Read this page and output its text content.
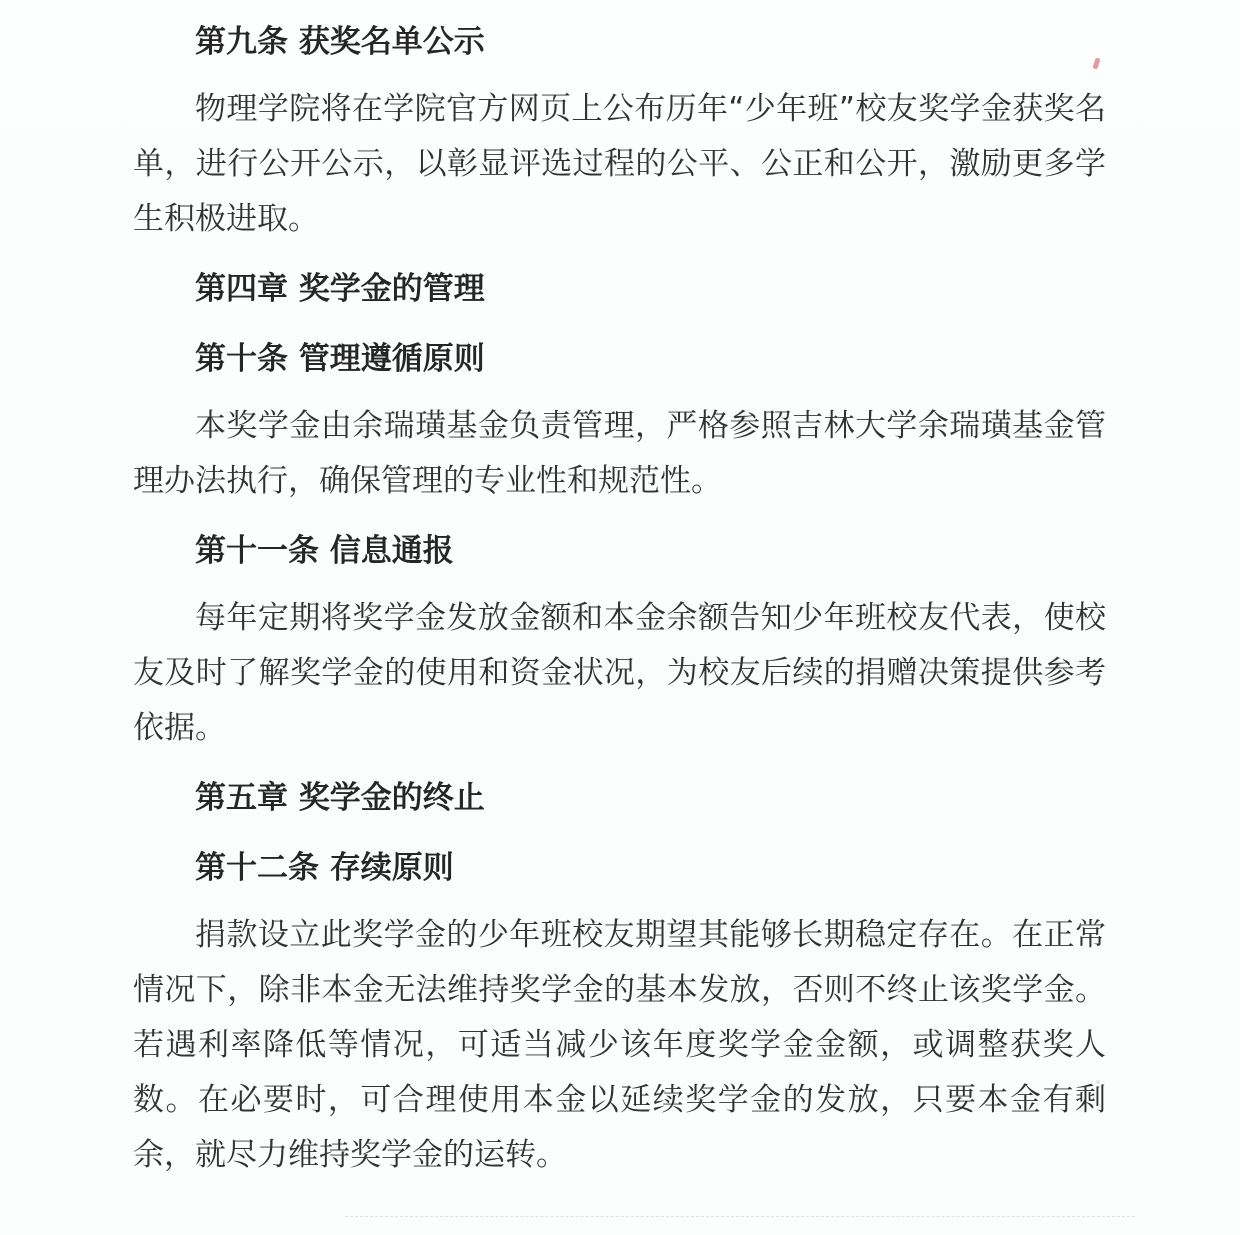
第九条 获奖名单公示

物理学院将在学院官方网页上公布历年“少年班”校友奖学金获奖名单，进行公开公示，以彰显评选过程的公平、公正和公开，激励更多学生积极进取。

第四章 奖学金的管理
第十条 管理遵循原则

本奖学金由余瑞璜基金负责管理，严格参照吉林大学余瑞璜基金管理办法执行，确保管理的专业性和规范性。

第十一条 信息通报

每年定期将奖学金发放金额和本金余额告知少年班校友代表，使校友及时了解奖学金的使用和资金状况，为校友后续的捐赠决策提供参考依据。

第五章 奖学金的终止
第十二条 存续原则

捐款设立此奖学金的少年班校友期望其能够长期稳定存在。在正常情况下，除非本金无法维持奖学金的基本发放，否则不终止该奖学金。若遇利率降低等情况，可适当减少该年度奖学金金额，或调整获奖人数。在必要时，可合理使用本金以延续奖学金的发放，只要本金有剩余，就尽力维持奖学金的运转。
